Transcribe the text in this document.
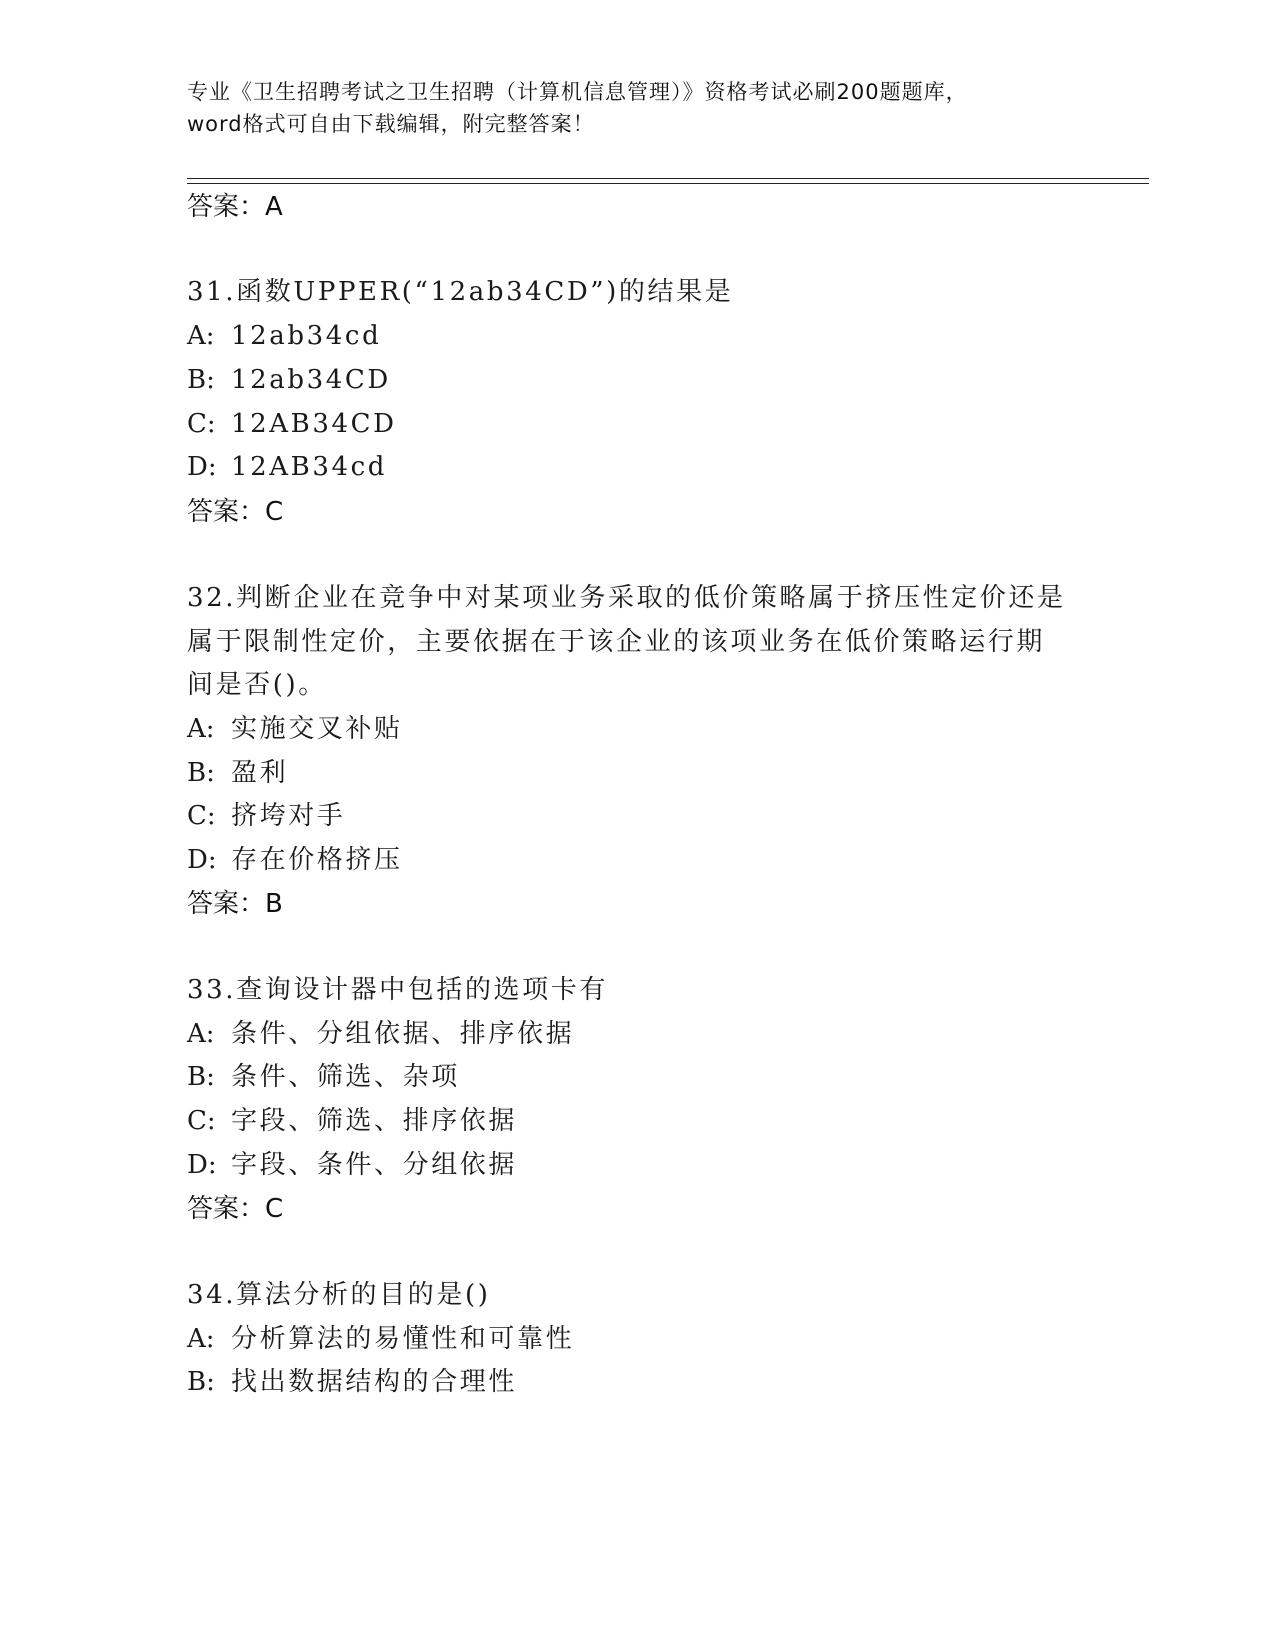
专业《卫生招聘考试之卫生招聘（计算机信息管理）》资格考试必刷200题题库，
word格式可自由下载编辑，附完整答案！
答案：A
31.函数UPPER(“12ab34CD”)的结果是
A: 12ab34cd
B: 12ab34CD
C: 12AB34CD
D: 12AB34cd
答案：C
32.判断企业在竞争中对某项业务采取的低价策略属于挤压性定价还是
属于限制性定价，主要依据在于该企业的该项业务在低价策略运行期
间是否()。
A: 实施交叉补贴
B: 盈利
C: 挤垮对手
D: 存在价格挤压
答案：B
33.查询设计器中包括的选项卡有
A: 条件、分组依据、排序依据
B: 条件、筛选、杂项
C: 字段、筛选、排序依据
D: 字段、条件、分组依据
答案：C
34.算法分析的目的是()
A: 分析算法的易懂性和可靠性
B: 找出数据结构的合理性
